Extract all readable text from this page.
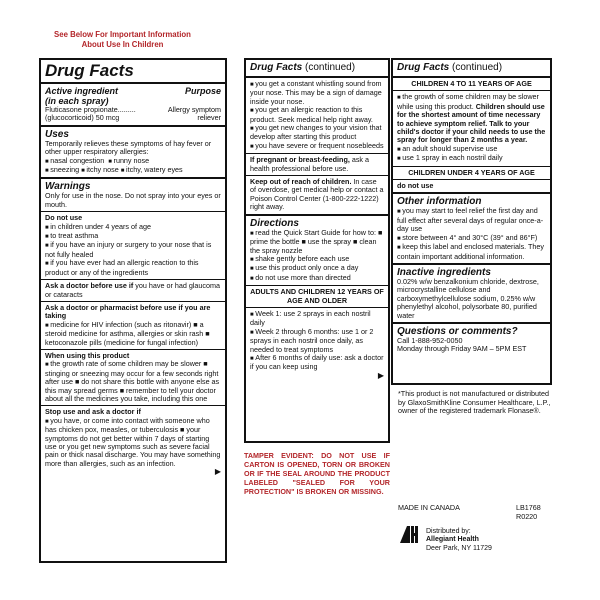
See Below For Important Information
About Use In Children
Drug Facts
Active ingredient	Purpose
(in each spray)
Fluticasone propionate.........	Allergy symptom
(glucocorticoid) 50 mcg	reliever
Uses
Temporarily relieves these symptoms of hay fever or other upper respiratory allergies:
■ nasal congestion ■ runny nose
■ sneezing ■ itchy nose ■ itchy, watery eyes
Warnings
Only for use in the nose. Do not spray into your eyes or mouth.
Do not use
■ in children under 4 years of age
■ to treat asthma
■ if you have an injury or surgery to your nose that is not fully healed
■ if you have ever had an allergic reaction to this product or any of the ingredients
Ask a doctor before use if you have or had glaucoma or cataracts
Ask a doctor or pharmacist before use if you are taking
■ medicine for HIV infection (such as ritonavir) ■ a steroid medicine for asthma, allergies or skin rash ■ ketoconazole pills (medicine for fungal infection)
When using this product
■ the growth rate of some children may be slower ■ stinging or sneezing may occur for a few seconds right after use ■ do not share this bottle with anyone else as this may spread germs ■ remember to tell your doctor about all the medicines you take, including this one
Stop use and ask a doctor if
■ you have, or come into contact with someone who has chicken pox, measles, or tuberculosis ■ your symptoms do not get better within 7 days of starting use or you get new symptoms such as severe facial pain or thick nasal discharge. You may have something more than allergies, such as an infection.
▶
Drug Facts (continued)
■ you get a constant whistling sound from your nose. This may be a sign of damage inside your nose.
■ you get an allergic reaction to this product. Seek medical help right away.
■ you get new changes to your vision that develop after starting this product
■ you have severe or frequent nosebleeds
If pregnant or breast-feeding, ask a health professional before use.
Keep out of reach of children. In case of overdose, get medical help or contact a Poison Control Center (1-800-222-1222) right away.
Directions
■ read the Quick Start Guide for how to: ■ prime the bottle ■ use the spray ■ clean the spray nozzle
■ shake gently before each use
■ use this product only once a day
■ do not use more than directed
ADULTS AND CHILDREN 12 YEARS OF AGE AND OLDER
■ Week 1: use 2 sprays in each nostril daily
■ Week 2 through 6 months: use 1 or 2 sprays in each nostril once daily, as needed to treat symptoms
■ After 6 months of daily use: ask a doctor if you can keep using
▶
Drug Facts (continued)
CHILDREN 4 TO 11 YEARS OF AGE
■ the growth of some children may be slower while using this product. Children should use for the shortest amount of time necessary to achieve symptom relief. Talk to your child's doctor if your child needs to use the spray for longer than 2 months a year.
■ an adult should supervise use
■ use 1 spray in each nostril daily
CHILDREN UNDER 4 YEARS OF AGE
do not use
Other information
■ you may start to feel relief the first day and full effect after several days of regular once-a-day use
■ store between 4° and 30°C (39° and 86°F)
■ keep this label and enclosed materials. They contain important additional information.
Inactive ingredients
0.02% w/w benzalkonium chloride, dextrose, microcrystalline cellulose and carboxymethylcellulose sodium, 0.25% w/w phenylethyl alcohol, polysorbate 80, purified water
Questions or comments?
Call 1-888-952-0050
Monday through Friday 9AM – 5PM EST
TAMPER EVIDENT: DO NOT USE IF CARTON IS OPENED, TORN OR BROKEN OR IF THE SEAL AROUND THE PRODUCT LABELED "SEALED FOR YOUR PROTECTION" IS BROKEN OR MISSING.
*This product is not manufactured or distributed by GlaxoSmithKline Consumer Healthcare, L.P., owner of the registered trademark Flonase®.
MADE IN CANADA	LB1768
R0220
Distributed by:
Allegiant Health
Deer Park, NY 11729
